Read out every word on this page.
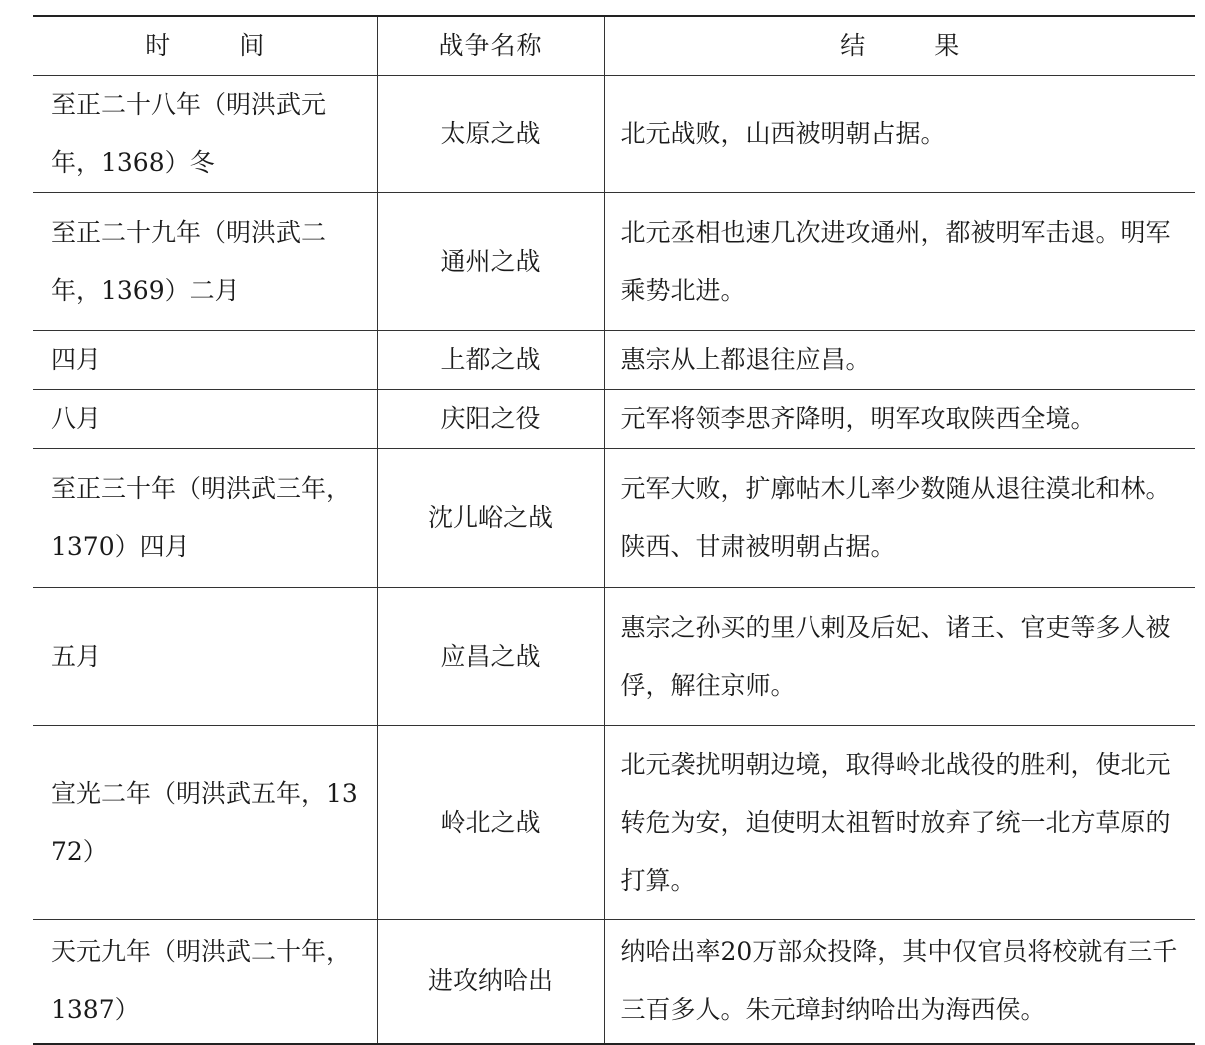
时　间	战争名称	结　果
至正二十八年（明洪武元年，1368）冬	太原之战	北元战败，山西被明朝占据。
至正二十九年（明洪武二年，1369）二月	通州之战	北元丞相也速几次进攻通州，都被明军击退。明军乘势北进。
四月	上都之战	惠宗从上都退往应昌。
八月	庆阳之役	元军将领李思齐降明，明军攻取陕西全境。
至正三十年（明洪武三年，1370）四月	沈儿峪之战	元军大败，扩廓帖木儿率少数随从退往漠北和林。陕西、甘肃被明朝占据。
五月	应昌之战	惠宗之孙买的里八剌及后妃、诸王、官吏等多人被俘，解往京师。
宣光二年（明洪武五年，1372）	岭北之战	北元袭扰明朝边境，取得岭北战役的胜利，使北元转危为安，迫使明太祖暂时放弃了统一北方草原的打算。
天元九年（明洪武二十年，1387）	进攻纳哈出	纳哈出率20万部众投降，其中仅官员将校就有三千三百多人。朱元璋封纳哈出为海西侯。
